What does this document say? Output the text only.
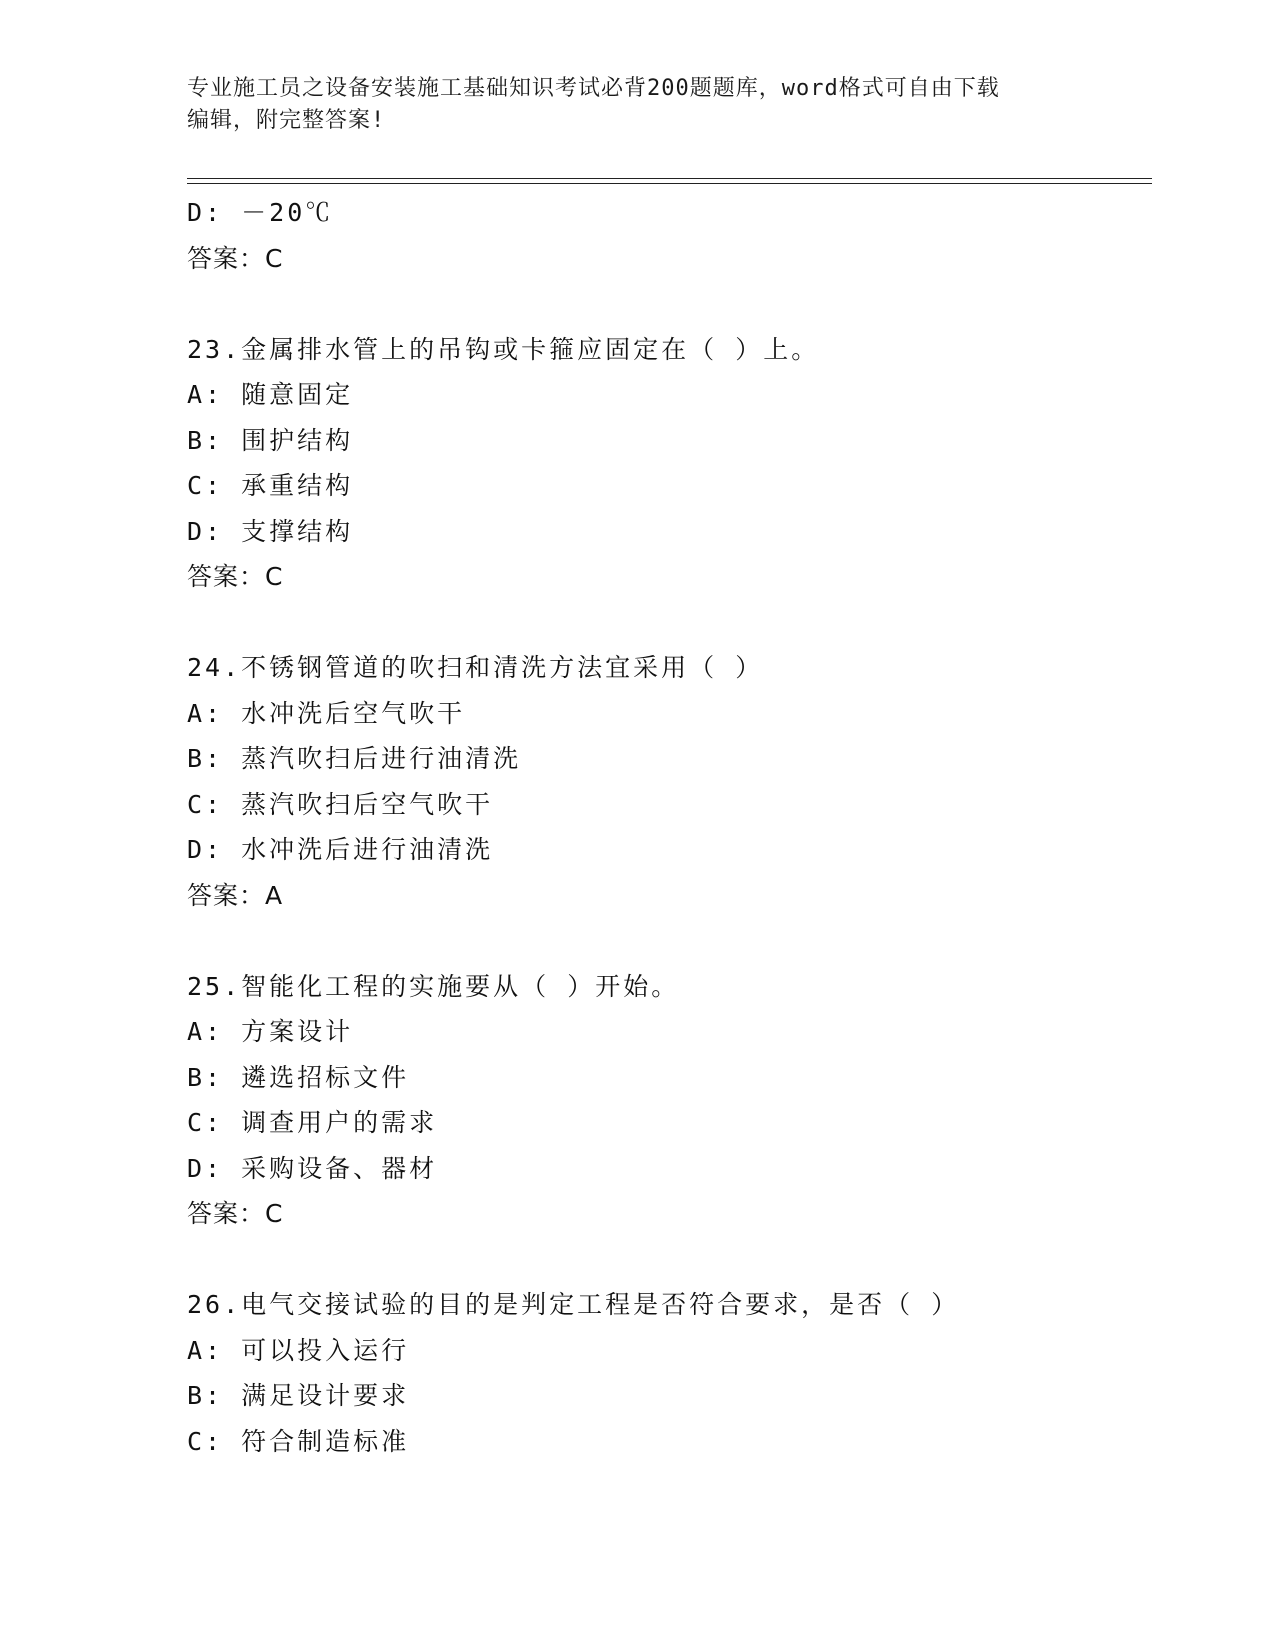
专业施工员之设备安装施工基础知识考试必背200题题库，word格式可自由下载
编辑，附完整答案!
D: －20℃
答案：C
23.金属排水管上的吊钩或卡箍应固定在（ ）上。
A: 随意固定
B: 围护结构
C: 承重结构
D: 支撑结构
答案：C
24.不锈钢管道的吹扫和清洗方法宜采用（ ）
A: 水冲洗后空气吹干
B: 蒸汽吹扫后进行油清洗
C: 蒸汽吹扫后空气吹干
D: 水冲洗后进行油清洗
答案：A
25.智能化工程的实施要从（ ）开始。
A: 方案设计
B: 遴选招标文件
C: 调查用户的需求
D: 采购设备、器材
答案：C
26.电气交接试验的目的是判定工程是否符合要求，是否（ ）
A: 可以投入运行
B: 满足设计要求
C: 符合制造标准
